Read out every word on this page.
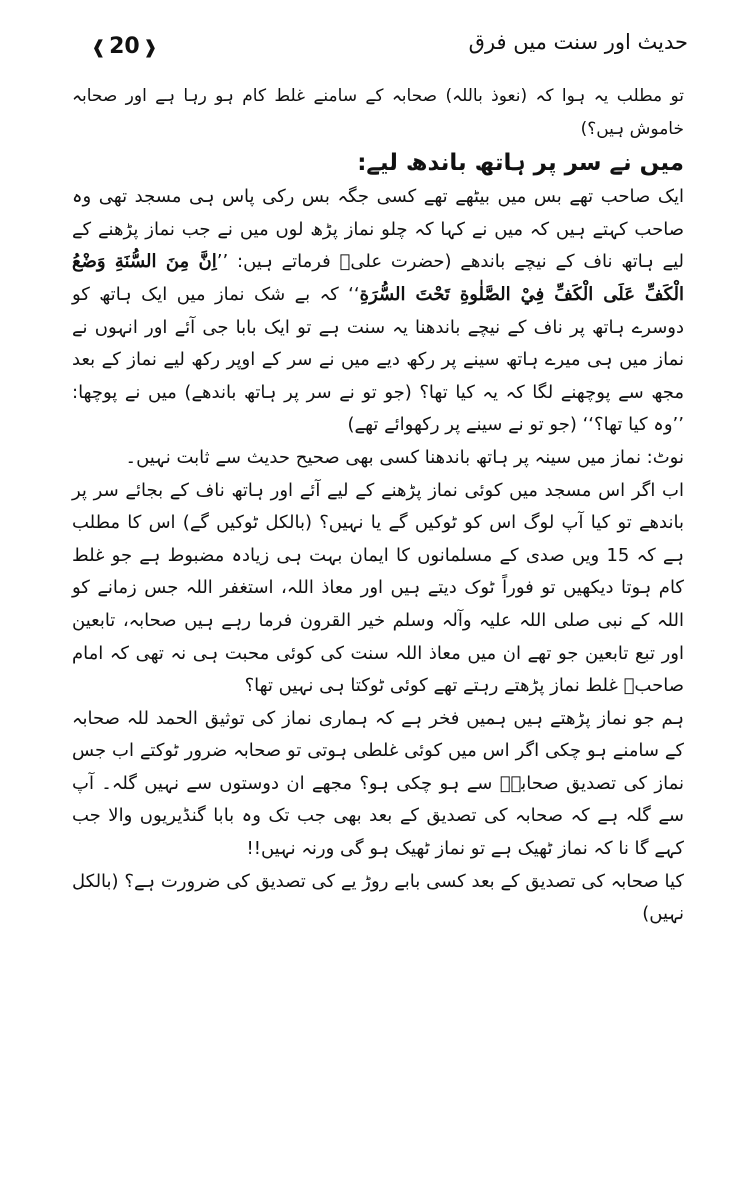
❰ 20 ❱	حدیث اور سنت میں فرق

تو مطلب یہ ہوا کہ (نعوذ باللہ) صحابہ کے سامنے غلط کام ہو رہا ہے اور صحابہ خاموش ہیں؟)

میں نے سر پر ہاتھ باندھ لیے:

ایک صاحب تھے بس میں بیٹھے تھے کسی جگہ بس رکی پاس ہی مسجد تھی وہ صاحب کہتے ہیں کہ میں نے کہا کہ چلو نماز پڑھ لوں میں نے جب نماز پڑھنے کے لیے ہاتھ ناف کے نیچے باندھے (حضرت علیؓ فرماتے ہیں: ’’اِنَّ مِنَ السُّنَةِ وَضْعُ الْكَفِّ عَلَى الْكَفِّ فِيْ الصَّلٰوةِ تَحْتَ السُّرَةِ‘‘ کہ بے شک نماز میں ایک ہاتھ کو دوسرے ہاتھ پر ناف کے نیچے باندھنا یہ سنت ہے تو ایک بابا جی آئے اور انہوں نے نماز میں ہی میرے ہاتھ سینے پر رکھ دیے میں نے سر کے اوپر رکھ لیے نماز کے بعد مجھ سے پوچھنے لگا کہ یہ کیا تھا؟ (جو تو نے سر پر ہاتھ باندھے) میں نے پوچھا: ’’وہ کیا تھا؟‘‘ (جو تو نے سینے پر رکھوائے تھے)

نوٹ: نماز میں سینہ پر ہاتھ باندھنا کسی بھی صحیح حدیث سے ثابت نہیں۔

اب اگر اس مسجد میں کوئی نماز پڑھنے کے لیے آئے اور ہاتھ ناف کے بجائے سر پر باندھے تو کیا آپ لوگ اس کو ٹوکیں گے یا نہیں؟ (بالکل ٹوکیں گے) اس کا مطلب ہے کہ 15 ویں صدی کے مسلمانوں کا ایمان بہت ہی زیادہ مضبوط ہے جو غلط کام ہوتا دیکھیں تو فوراً ٹوک دیتے ہیں اور معاذ اللہ، استغفر اللہ جس زمانے کو اللہ کے نبی صلی اللہ علیہ وآلہ وسلم خیر القرون فرما رہے ہیں صحابہ، تابعین اور تبع تابعین جو تھے ان میں معاذ اللہ سنت کی کوئی محبت ہی نہ تھی کہ امام صاحبؒ غلط نماز پڑھتے رہتے تھے کوئی ٹوکتا ہی نہیں تھا؟

ہم جو نماز پڑھتے ہیں ہمیں فخر ہے کہ ہماری نماز کی توثیق الحمد للہ صحابہ کے سامنے ہو چکی اگر اس میں کوئی غلطی ہوتی تو صحابہ ضرور ٹوکتے اب جس نماز کی تصدیق صحابہؓ سے ہو چکی ہو؟ مجھے ان دوستوں سے نہیں گلہ۔ آپ سے گلہ ہے کہ صحابہ کی تصدیق کے بعد بھی جب تک وہ بابا گنڈیریوں والا جب کہے گا نا کہ نماز ٹھیک ہے تو نماز ٹھیک ہو گی ورنہ نہیں!!

کیا صحابہ کی تصدیق کے بعد کسی بابے روڑ یے کی تصدیق کی ضرورت ہے؟ (بالکل نہیں)
